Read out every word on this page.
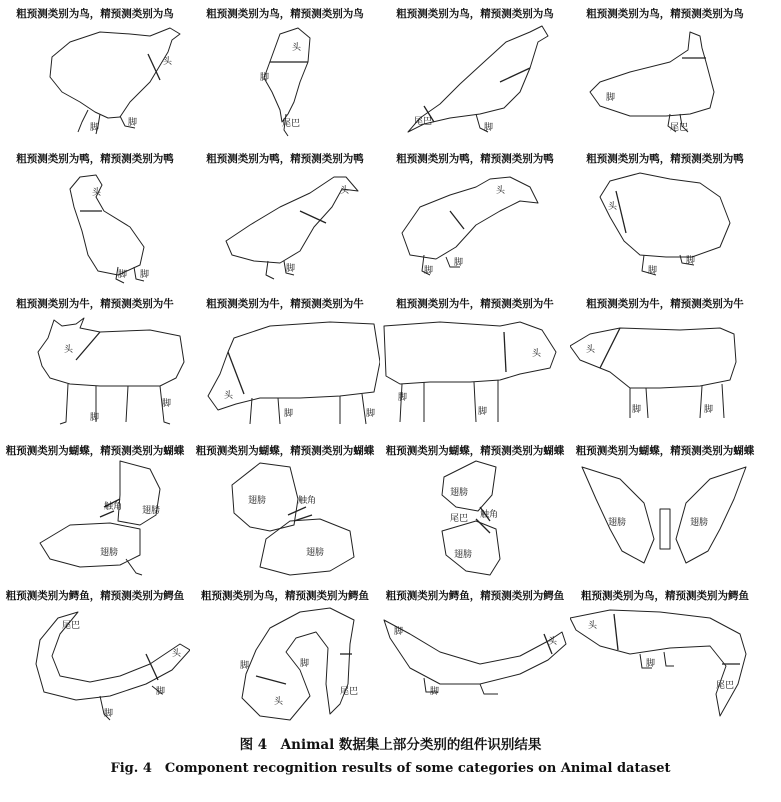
粗预测类别为鸟，精预测类别为鸟
头
脚	脚
粗预测类别为鸟，精预测类别为鸟
头
脚
尾巴
粗预测类别为鸟，精预测类别为鸟
尾巴
脚
粗预测类别为鸟，精预测类别为鸟
脚
尾巴
粗预测类别为鸭，精预测类别为鸭
头
脚 脚
粗预测类别为鸭，精预测类别为鸭
头
脚
粗预测类别为鸭，精预测类别为鸭
头
脚
脚
粗预测类别为鸭，精预测类别为鸭
头
脚
脚
粗预测类别为牛，精预测类别为牛
头
脚
脚
粗预测类别为牛，精预测类别为牛
头
脚	脚
粗预测类别为牛，精预测类别为牛
头
脚
脚
粗预测类别为牛，精预测类别为牛
头
脚	脚
粗预测类别为蝴蝶，精预测类别为蝴蝶
翅膀
翅膀
触角
粗预测类别为蝴蝶，精预测类别为蝴蝶
翅膀
翅膀
触角
粗预测类别为蝴蝶，精预测类别为蝴蝶
翅膀
翅膀
尾巴 触角
粗预测类别为蝴蝶，精预测类别为蝴蝶
翅膀	翅膀
粗预测类别为鳄鱼，精预测类别为鳄鱼
尾巴
头
脚
脚
粗预测类别为鸟，精预测类别为鳄鱼
脚	脚
头
尾巴
粗预测类别为鳄鱼，精预测类别为鳄鱼
脚
脚
头
粗预测类别为鸟，精预测类别为鳄鱼
头
脚
尾巴
图 4　Animal 数据集上部分类别的组件识别结果
Fig. 4　Component recognition results of some categories on Animal dataset
